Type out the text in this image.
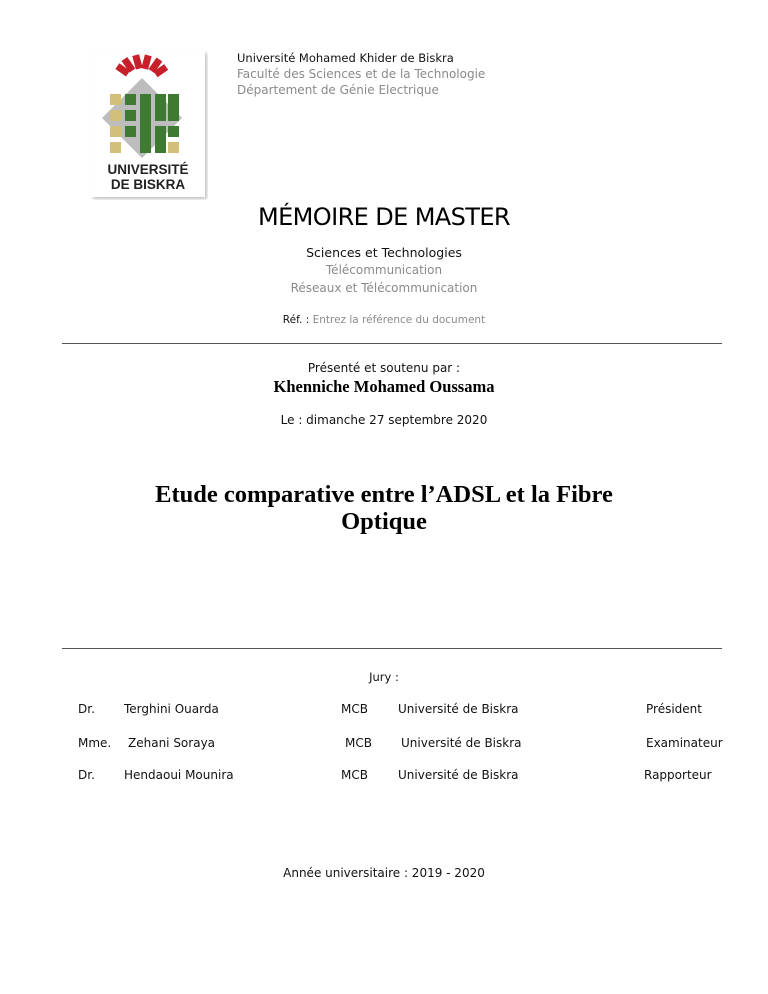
UNIVERSITÉ
DE BISKRA
Université Mohamed Khider de Biskra
Faculté des Sciences et de la Technologie
Département de Génie Electrique
MÉMOIRE DE MASTER
Sciences et Technologies
Télécommunication
Réseaux et Télécommunication
Réf. : Entrez la référence du document
Présenté et soutenu par :
Khenniche Mohamed Oussama
Le : dimanche 27 septembre 2020
Etude comparative entre l’ADSL et la Fibre
Optique
Jury :
Dr. Terghini Ouarda	MCB	Université de Biskra	Président
Mme. Zehani Soraya	MCB Université de Biskra	Examinateur
Dr. Hendaoui Mounira	MCB	Université de Biskra	Rapporteur
Année universitaire : 2019 - 2020
